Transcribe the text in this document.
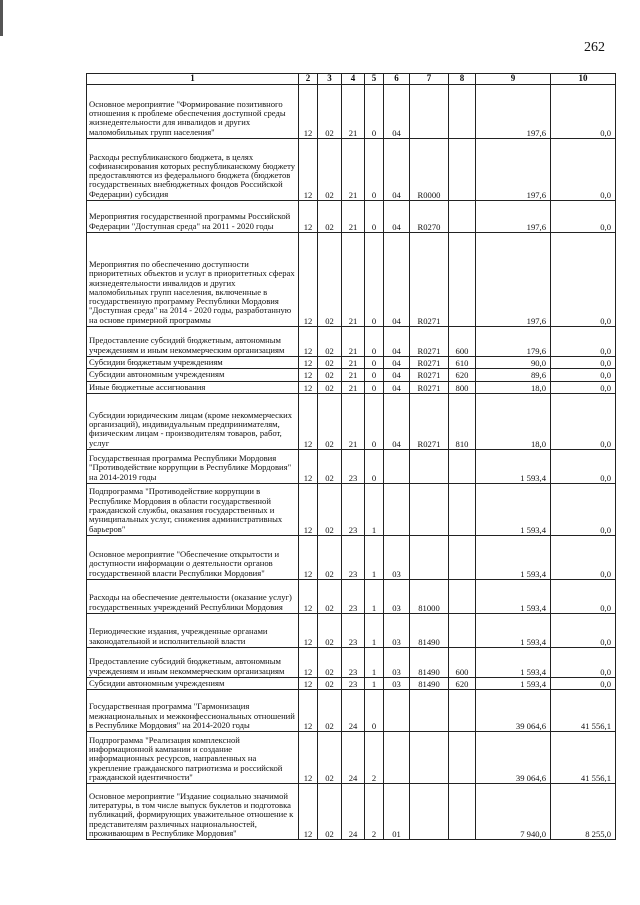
262
1	2	3	4	5	6	7	8	9	10
Основное мероприятие "Формирование позитивного отношения к проблеме обеспечения доступной среды жизнедеятельности для инвалидов и других маломобильных групп населения"	12	02	21	0	04			197,6	0,0
Расходы республиканского бюджета, в целях софинансирования которых республиканскому бюджету предоставляются из федерального бюджета (бюджетов государственных внебюджетных фондов Российской Федерации) субсидия	12	02	21	0	04	R0000		197,6	0,0
Мероприятия государственной программы Российской Федерации "Доступная среда" на 2011 - 2020 годы	12	02	21	0	04	R0270		197,6	0,0
Мероприятия по обеспечению доступности приоритетных объектов и услуг в приоритетных сферах жизнедеятельности инвалидов и других маломобильных групп населения, включенные в государственную программу Республики Мордовия "Доступная среда" на 2014 - 2020 годы, разработанную на основе примерной программы	12	02	21	0	04	R0271		197,6	0,0
Предоставление субсидий бюджетным, автономным учреждениям и иным некоммерческим организациям	12	02	21	0	04	R0271	600	179,6	0,0
Субсидии бюджетным учреждениям	12	02	21	0	04	R0271	610	90,0	0,0
Субсидии автономным учреждениям	12	02	21	0	04	R0271	620	89,6	0,0
Иные бюджетные ассигнования	12	02	21	0	04	R0271	800	18,0	0,0
Субсидии юридическим лицам (кроме некоммерческих организаций), индивидуальным предпринимателям, физическим лицам - производителям товаров, работ, услуг	12	02	21	0	04	R0271	810	18,0	0,0
Государственная программа Республики Мордовия "Противодействие коррупции в Республике Мордовия" на 2014-2019 годы	12	02	23	0				1 593,4	0,0
Подпрограмма "Противодействие коррупции в Республике Мордовия в области государственной гражданской службы, оказания государственных и муниципальных услуг, снижения административных барьеров"	12	02	23	1				1 593,4	0,0
Основное мероприятие "Обеспечение открытости и доступности информации о деятельности органов государственной власти Республики Мордовия"	12	02	23	1	03			1 593,4	0,0
Расходы на обеспечение деятельности (оказание услуг) государственных учреждений Республики Мордовия	12	02	23	1	03	81000		1 593,4	0,0
Периодические издания, учрежденные органами законодательной и исполнительной власти	12	02	23	1	03	81490		1 593,4	0,0
Предоставление субсидий бюджетным, автономным учреждениям и иным некоммерческим организациям	12	02	23	1	03	81490	600	1 593,4	0,0
Субсидии автономным учреждениям	12	02	23	1	03	81490	620	1 593,4	0,0
Государственная программа "Гармонизация межнациональных и межконфессиональных отношений в Республике Мордовия" на 2014-2020 годы	12	02	24	0				39 064,6	41 556,1
Подпрограмма "Реализация комплексной информационной кампании и создание информационных ресурсов, направленных на укрепление гражданского патриотизма и российской гражданской идентичности"	12	02	24	2				39 064,6	41 556,1
Основное мероприятие "Издание социально значимой литературы, в том числе выпуск буклетов и подготовка публикаций, формирующих уважительное отношение к представителям различных национальностей, проживающим в Республике Мордовия"	12	02	24	2	01			7 940,0	8 255,0
